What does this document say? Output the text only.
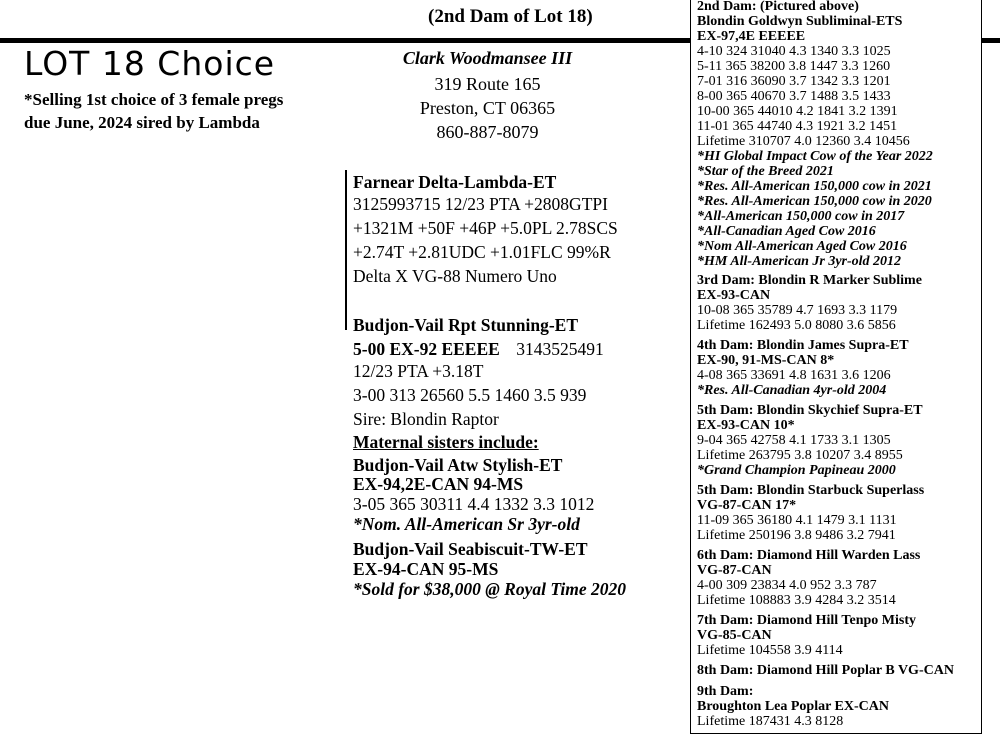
(2nd Dam of Lot 18)
LOT 18 Choice
*Selling 1st choice of 3 female pregs
due June, 2024 sired by Lambda
Clark Woodmansee III
319 Route 165
Preston, CT 06365
860-887-8079
Farnear Delta-Lambda-ET
3125993715 12/23 PTA +2808GTPI
+1321M +50F +46P +5.0PL 2.78SCS
+2.74T +2.81UDC +1.01FLC 99%R
Delta X VG-88 Numero Uno
Budjon-Vail Rpt Stunning-ET
5-00 EX-92 EEEEE 3143525491
12/23 PTA +3.18T
3-00 313 26560 5.5 1460 3.5 939
Sire: Blondin Raptor
Maternal sisters include:
Budjon-Vail Atw Stylish-ET
EX-94,2E-CAN 94-MS
3-05 365 30311 4.4 1332 3.3 1012
*Nom. All-American Sr 3yr-old
Budjon-Vail Seabiscuit-TW-ET
EX-94-CAN 95-MS
*Sold for $38,000 @ Royal Time 2020
2nd Dam: (Pictured above)
Blondin Goldwyn Subliminal-ETS
EX-97,4E EEEEE
4-10 324 31040 4.3 1340 3.3 1025
5-11 365 38200 3.8 1447 3.3 1260
7-01 316 36090 3.7 1342 3.3 1201
8-00 365 40670 3.7 1488 3.5 1433
10-00 365 44010 4.2 1841 3.2 1391
11-01 365 44740 4.3 1921 3.2 1451
Lifetime 310707 4.0 12360 3.4 10456
*HI Global Impact Cow of the Year 2022
*Star of the Breed 2021
*Res. All-American 150,000 cow in 2021
*Res. All-American 150,000 cow in 2020
*All-American 150,000 cow in 2017
*All-Canadian Aged Cow 2016
*Nom All-American Aged Cow 2016
*HM All-American Jr 3yr-old 2012
3rd Dam: Blondin R Marker Sublime
EX-93-CAN
10-08 365 35789 4.7 1693 3.3 1179
Lifetime 162493 5.0 8080 3.6 5856
4th Dam: Blondin James Supra-ET
EX-90, 91-MS-CAN 8*
4-08 365 33691 4.8 1631 3.6 1206
*Res. All-Canadian 4yr-old 2004
5th Dam: Blondin Skychief Supra-ET
EX-93-CAN 10*
9-04 365 42758 4.1 1733 3.1 1305
Lifetime 263795 3.8 10207 3.4 8955
*Grand Champion Papineau 2000
5th Dam: Blondin Starbuck Superlass
VG-87-CAN 17*
11-09 365 36180 4.1 1479 3.1 1131
Lifetime 250196 3.8 9486 3.2 7941
6th Dam: Diamond Hill Warden Lass
VG-87-CAN
4-00 309 23834 4.0 952 3.3 787
Lifetime 108883 3.9 4284 3.2 3514
7th Dam: Diamond Hill Tenpo Misty
VG-85-CAN
Lifetime 104558 3.9 4114
8th Dam: Diamond Hill Poplar B VG-CAN
9th Dam:
Broughton Lea Poplar EX-CAN
Lifetime 187431 4.3 8128
